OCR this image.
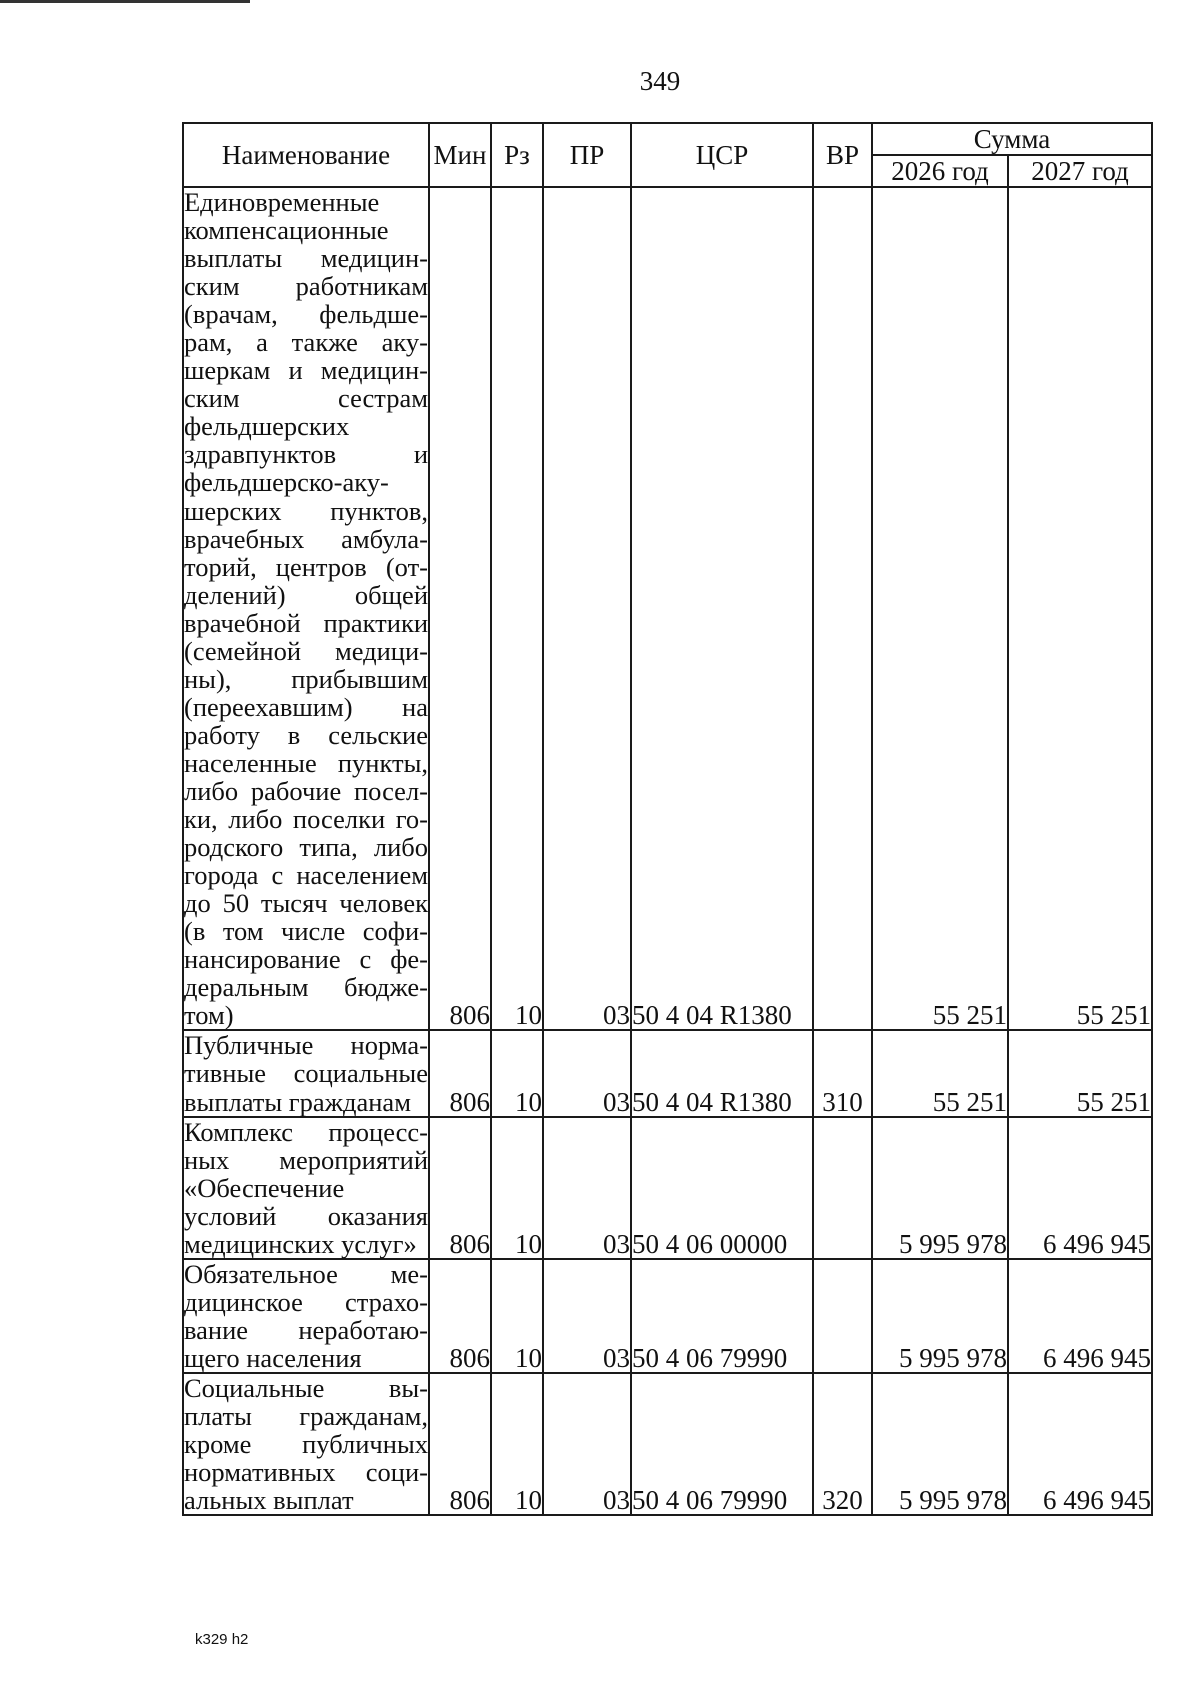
349
Наименование	Мин	Рз	ПР	ЦСР	ВР	Сумма	
						2026 год	2027 год
Единовременные компенсационные выплаты медицинским работникам (врачам, фельдшерам, а также акушеркам и медицинским сестрам фельдшерских здравпунктов и фельдшерско-акушерских пунктов, врачебных амбулаторий, центров (отделений) общей врачебной практики (семейной медицины), прибывшим (переехавшим) на работу в сельские населенные пункты, либо рабочие поселки, либо поселки городского типа, либо города с населением до 50 тысяч человек (в том числе софинансирование с федеральным бюджетом)	806	10	03	50 4 04 R1380		55 251	55 251
Публичные нормативные социальные выплаты гражданам	806	10	03	50 4 04 R1380	310	55 251	55 251
Комплекс процессных мероприятий «Обеспечение условий оказания медицинских услуг»	806	10	03	50 4 06 00000		5 995 978	6 496 945
Обязательное медицинское страхование неработающего населения	806	10	03	50 4 06 79990		5 995 978	6 496 945
Социальные выплаты гражданам, кроме публичных нормативных социальных выплат	806	10	03	50 4 06 79990	320	5 995 978	6 496 945
k329 h2
